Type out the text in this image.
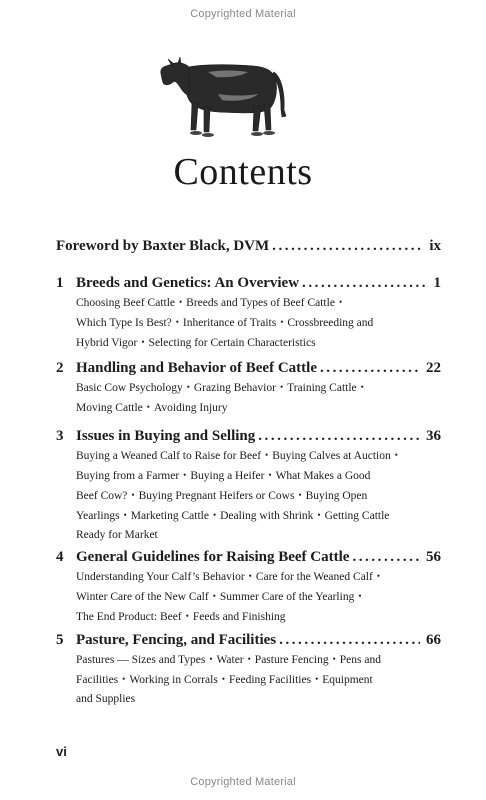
Copyrighted Material
Contents
Foreword by Baxter Black, DVM . . .	ix
1 Breeds and Genetics: An Overview . . .	1
Choosing Beef Cattle • Breeds and Types of Beef Cattle •
Which Type Is Best? • Inheritance of Traits • Crossbreeding and
Hybrid Vigor • Selecting for Certain Characteristics
2 Handling and Behavior of Beef Cattle . . .	22
Basic Cow Psychology • Grazing Behavior • Training Cattle •
Moving Cattle • Avoiding Injury
3 Issues in Buying and Selling . . .	36
Buying a Weaned Calf to Raise for Beef • Buying Calves at Auction •
Buying from a Farmer • Buying a Heifer • What Makes a Good
Beef Cow? • Buying Pregnant Heifers or Cows • Buying Open
Yearlings • Marketing Cattle • Dealing with Shrink • Getting Cattle
Ready for Market
4 General Guidelines for Raising Beef Cattle . . .	56
Understanding Your Calf’s Behavior • Care for the Weaned Calf •
Winter Care of the New Calf • Summer Care of the Yearling •
The End Product: Beef • Feeds and Finishing
5 Pasture, Fencing, and Facilities . . .	66
Pastures — Sizes and Types • Water • Pasture Fencing • Pens and
Facilities • Working in Corrals • Feeding Facilities • Equipment
and Supplies
vi
Copyrighted Material
